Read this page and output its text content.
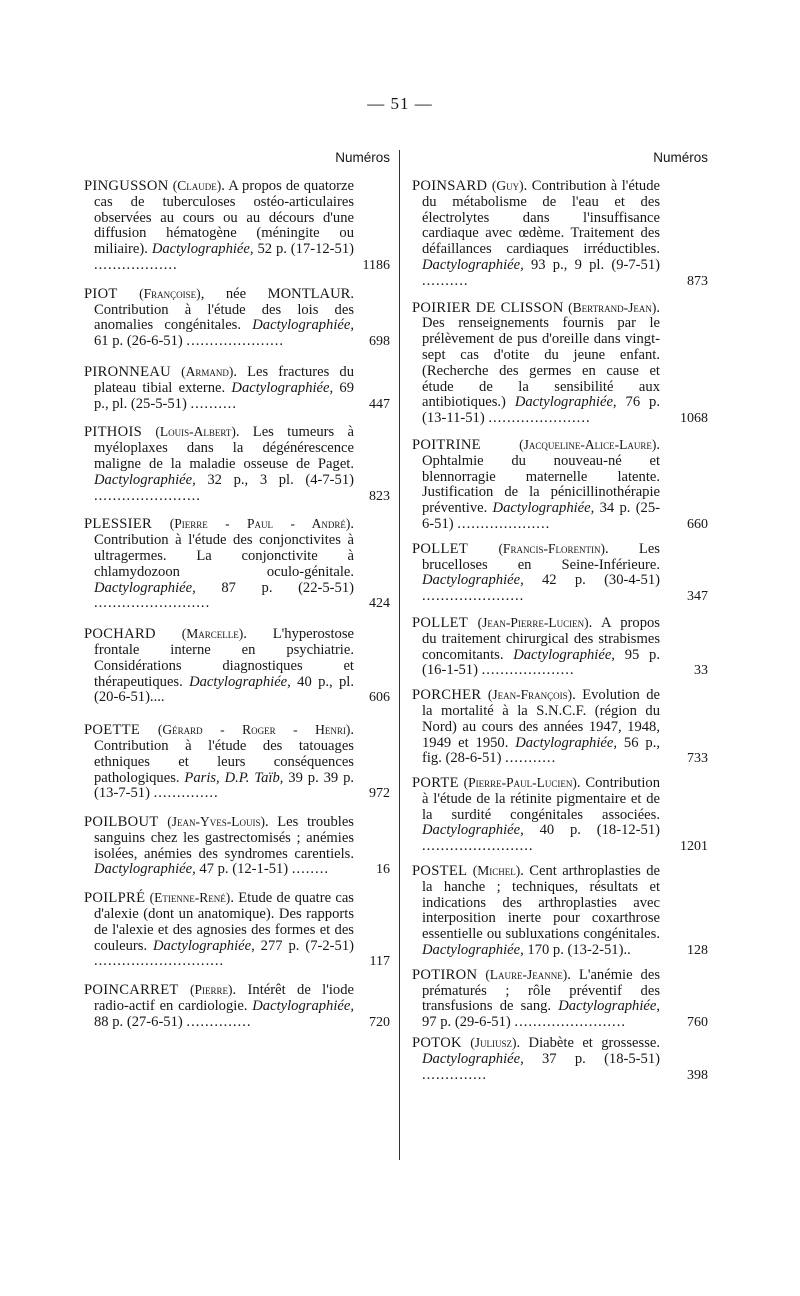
— 51 —
Numéros
PINGUSSON (Claude). A propos de quatorze cas de tuberculoses ostéo-articulaires observées au cours ou au décours d'une diffusion hématogène (méningite ou miliaire). Dactylographiée, 52 p. (17-12-51) ..................	1186
PIOT (Françoise), née MONTLAUR. Contribution à l'étude des lois des anomalies congénitales. Dactylographiée, 61 p. (26-6-51) .....................	698
PIRONNEAU (Armand). Les fractures du plateau tibial externe. Dactylographiée, 69 p., pl. (25-5-51) ..........	447
PITHOIS (Louis-Albert). Les tumeurs à myéloplaxes dans la dégénérescence maligne de la maladie osseuse de Paget. Dactylographiée, 32 p., 3 pl. (4-7-51) .......................	823
PLESSIER (Pierre - Paul - André). Contribution à l'étude des conjonctivites à ultragermes. La conjonctivite à chlamydozoon oculo-génitale. Dactylographiée, 87 p. (22-5-51) .........................	424
POCHARD (Marcelle). L'hyperostose frontale interne en psychiatrie. Considérations diagnostiques et thérapeutiques. Dactylographiée, 40 p., pl. (20-6-51)....	606
POETTE (Gérard - Roger - Henri). Contribution à l'étude des tatouages ethniques et leurs conséquences pathologiques. Paris, D.P. Taïb, 39 p. 39 p. (13-7-51) ..............	972
POILBOUT (Jean-Yves-Louis). Les troubles sanguins chez les gastrectomisés ; anémies isolées, anémies des syndromes carentiels. Dactylographiée, 47 p. (12-1-51) ........	16
POILPRÉ (Etienne-René). Etude de quatre cas d'alexie (dont un anatomique). Des rapports de l'alexie et des agnosies des formes et des couleurs. Dactylographiée, 277 p. (7-2-51) ............................	117
POINCARRET (Pierre). Intérêt de l'iode radio-actif en cardiologie. Dactylographiée, 88 p. (27-6-51) ..............	720
Numéros
POINSARD (Guy). Contribution à l'étude du métabolisme de l'eau et des électrolytes dans l'insuffisance cardiaque avec œdème. Traitement des défaillances cardiaques irréductibles. Dactylographiée, 93 p., 9 pl. (9-7-51) ..........	873
POIRIER DE CLISSON (Bertrand-Jean). Des renseignements fournis par le prélèvement de pus d'oreille dans vingt-sept cas d'otite du jeune enfant. (Recherche des germes en cause et étude de la sensibilité aux antibiotiques.) Dactylographiée, 76 p. (13-11-51) ......................	1068
POITRINE	(Jacqueline-Alice-Laure). Ophtalmie du nouveau-né et blennorragie maternelle latente. Justification de la pénicillinothérapie préventive. Dactylographiée, 34 p. (25-6-51) ....................	660
POLLET (Francis-Florentin). Les brucelloses en Seine-Inférieure. Dactylographiée, 42 p. (30-4-51) ......................	347
POLLET (Jean-Pierre-Lucien). A propos du traitement chirurgical des strabismes concomitants. Dactylographiée, 95 p. (16-1-51) ....................	33
PORCHER (Jean-François). Evolution de la mortalité à la S.N.C.F. (région du Nord) au cours des années 1947, 1948, 1949 et 1950. Dactylographiée, 56 p., fig. (28-6-51) ...........	733
PORTE (Pierre-Paul-Lucien). Contribution à l'étude de la rétinite pigmentaire et de la surdité congénitales associées. Dactylographiée, 40 p. (18-12-51) ........................	1201
POSTEL (Michel). Cent arthroplasties de la hanche ; techniques, résultats et indications des arthroplasties avec interposition inerte pour coxarthrose essentielle ou subluxations congénitales. Dactylographiée, 170 p. (13-2-51)..	128
POTIRON (Laure-Jeanne). L'anémie des prématurés ; rôle préventif des transfusions de sang. Dactylographiée, 97 p. (29-6-51) ........................	760
POTOK (Juliusz). Diabète et grossesse. Dactylographiée, 37 p. (18-5-51) ..............	398
